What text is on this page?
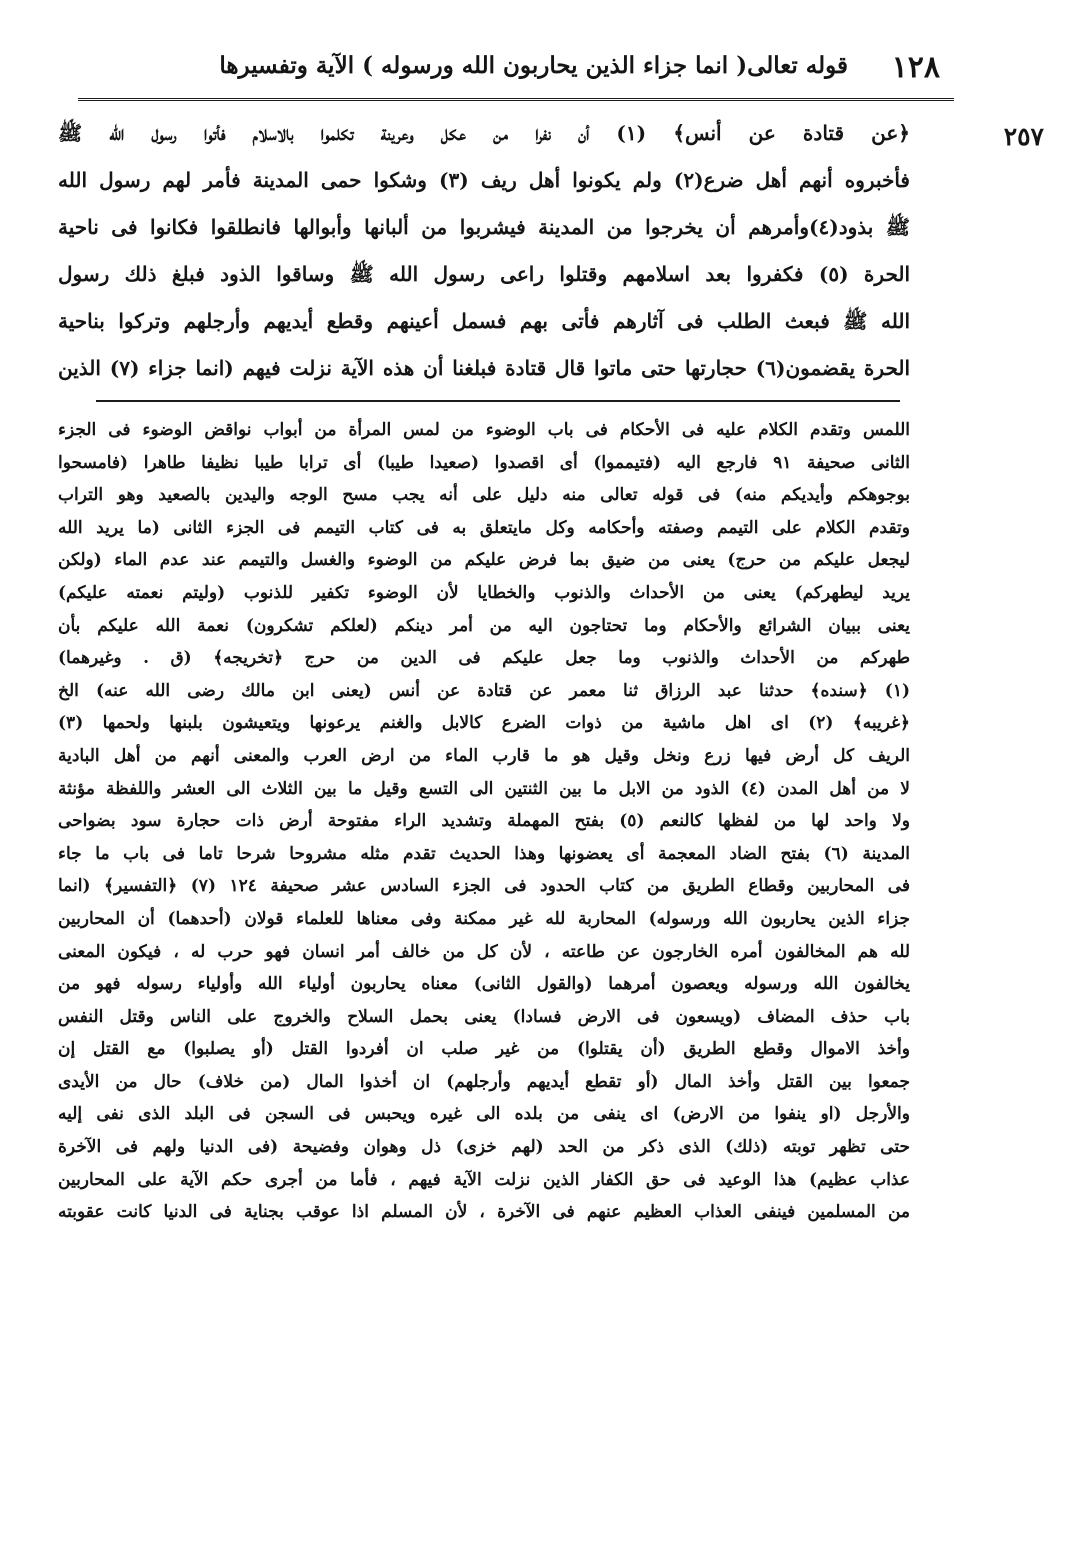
١٢٨
قوله تعالى( انما جزاء الذين يحاربون الله ورسوله ) الآية وتفسيرها
٢٥٧
﴿عن قتادة عن أنس﴾ (١) أن نفرا من عكل وعرينة تكلموا بالاسلام فأتوا رسول الله ﷺ
فأخبروه أنهم أهل ضرع(٢) ولم يكونوا أهل ريف (٣) وشكوا حمى المدينة فأمر لهم رسول الله
ﷺ بذود(٤)وأمرهم أن يخرجوا من المدينة فيشربوا من ألبانها وأبوالها فانطلقوا فكانوا فى ناحية
الحرة (٥) فكفروا بعد اسلامهم وقتلوا راعى رسول الله ﷺ وساقوا الذود فبلغ ذلك رسول
الله ﷺ فبعث الطلب فى آثارهم فأتى بهم فسمل أعينهم وقطع أيديهم وأرجلهم وتركوا بناحية
الحرة يقضمون(٦) حجارتها حتى ماتوا قال قتادة فبلغنا أن هذه الآية نزلت فيهم (انما جزاء (٧) الذين
اللمس وتقدم الكلام عليه فى الأحكام فى باب الوضوء من لمس المرأة من أبواب نواقض الوضوء فى الجزء
الثانى صحيفة ٩١ فارجع اليه (فتيمموا) أى اقصدوا (صعيدا طيبا) أى ترابا طيبا نظيفا طاهرا (فامسحوا
بوجوهكم وأيديكم منه) فى قوله تعالى منه دليل على أنه يجب مسح الوجه واليدين بالصعيد وهو التراب
وتقدم الكلام على التيمم وصفته وأحكامه وكل مايتعلق به فى كتاب التيمم فى الجزء الثانى (ما يريد الله
ليجعل عليكم من حرج) يعنى من ضيق بما فرض عليكم من الوضوء والغسل والتيمم عند عدم الماء (ولكن
يريد ليطهركم) يعنى من الأحداث والذنوب والخطايا لأن الوضوء تكفير للذنوب (وليتم نعمته عليكم)
يعنى ببيان الشرائع والأحكام وما تحتاجون اليه من أمر دينكم (لعلكم تشكرون) نعمة الله عليكم بأن
طهركم من الأحداث والذنوب وما جعل عليكم فى الدين من حرج ﴿تخريجه﴾ (ق . وغيرهما)
(١) ﴿سنده﴾ حدثنا عبد الرزاق ثنا معمر عن قتادة عن أنس (يعنى ابن مالك رضى الله عنه) الخ
﴿غريبه﴾ (٢) اى اهل ماشية من ذوات الضرع كالابل والغنم يرعونها ويتعيشون بلبنها ولحمها (٣)
الريف كل أرض فيها زرع ونخل وقيل هو ما قارب الماء من ارض العرب والمعنى أنهم من أهل البادية
لا من أهل المدن (٤) الذود من الابل ما بين الثنتين الى التسع وقيل ما بين الثلاث الى العشر واللفظة مؤنثة
ولا واحد لها من لفظها كالنعم (٥) بفتح المهملة وتشديد الراء مفتوحة أرض ذات حجارة سود بضواحى
المدينة (٦) بفتح الضاد المعجمة أى يعضونها وهذا الحديث تقدم مثله مشروحا شرحا تاما فى باب ما جاء
فى المحاربين وقطاع الطريق من كتاب الحدود فى الجزء السادس عشر صحيفة ١٢٤ (٧) ﴿التفسير﴾ (انما
جزاء الذين يحاربون الله ورسوله) المحاربة لله غير ممكنة وفى معناها للعلماء قولان (أحدهما) أن المحاربين
لله هم المخالفون أمره الخارجون عن طاعته ، لأن كل من خالف أمر انسان فهو حرب له ، فيكون المعنى
يخالفون الله ورسوله ويعصون أمرهما (والقول الثانى) معناه يحاربون أولياء الله وأولياء رسوله فهو من
باب حذف المضاف (ويسعون فى الارض فسادا) يعنى بحمل السلاح والخروج على الناس وقتل النفس
وأخذ الاموال وقطع الطريق (أن يقتلوا) من غير صلب ان أفردوا القتل (أو يصلبوا) مع القتل إن
جمعوا بين القتل وأخذ المال (أو تقطع أيديهم وأرجلهم) ان أخذوا المال (من خلاف) حال من الأيدى
والأرجل (او ينفوا من الارض) اى ينفى من بلده الى غيره ويحبس فى السجن فى البلد الذى نفى إليه
حتى تظهر توبته (ذلك) الذى ذكر من الحد (لهم خزى) ذل وهوان وفضيحة (فى الدنيا ولهم فى الآخرة
عذاب عظيم) هذا الوعيد فى حق الكفار الذين نزلت الآية فيهم ، فأما من أجرى حكم الآية على المحاربين
من المسلمين فينفى العذاب العظيم عنهم فى الآخرة ، لأن المسلم اذا عوقب بجناية فى الدنيا كانت عقوبته
